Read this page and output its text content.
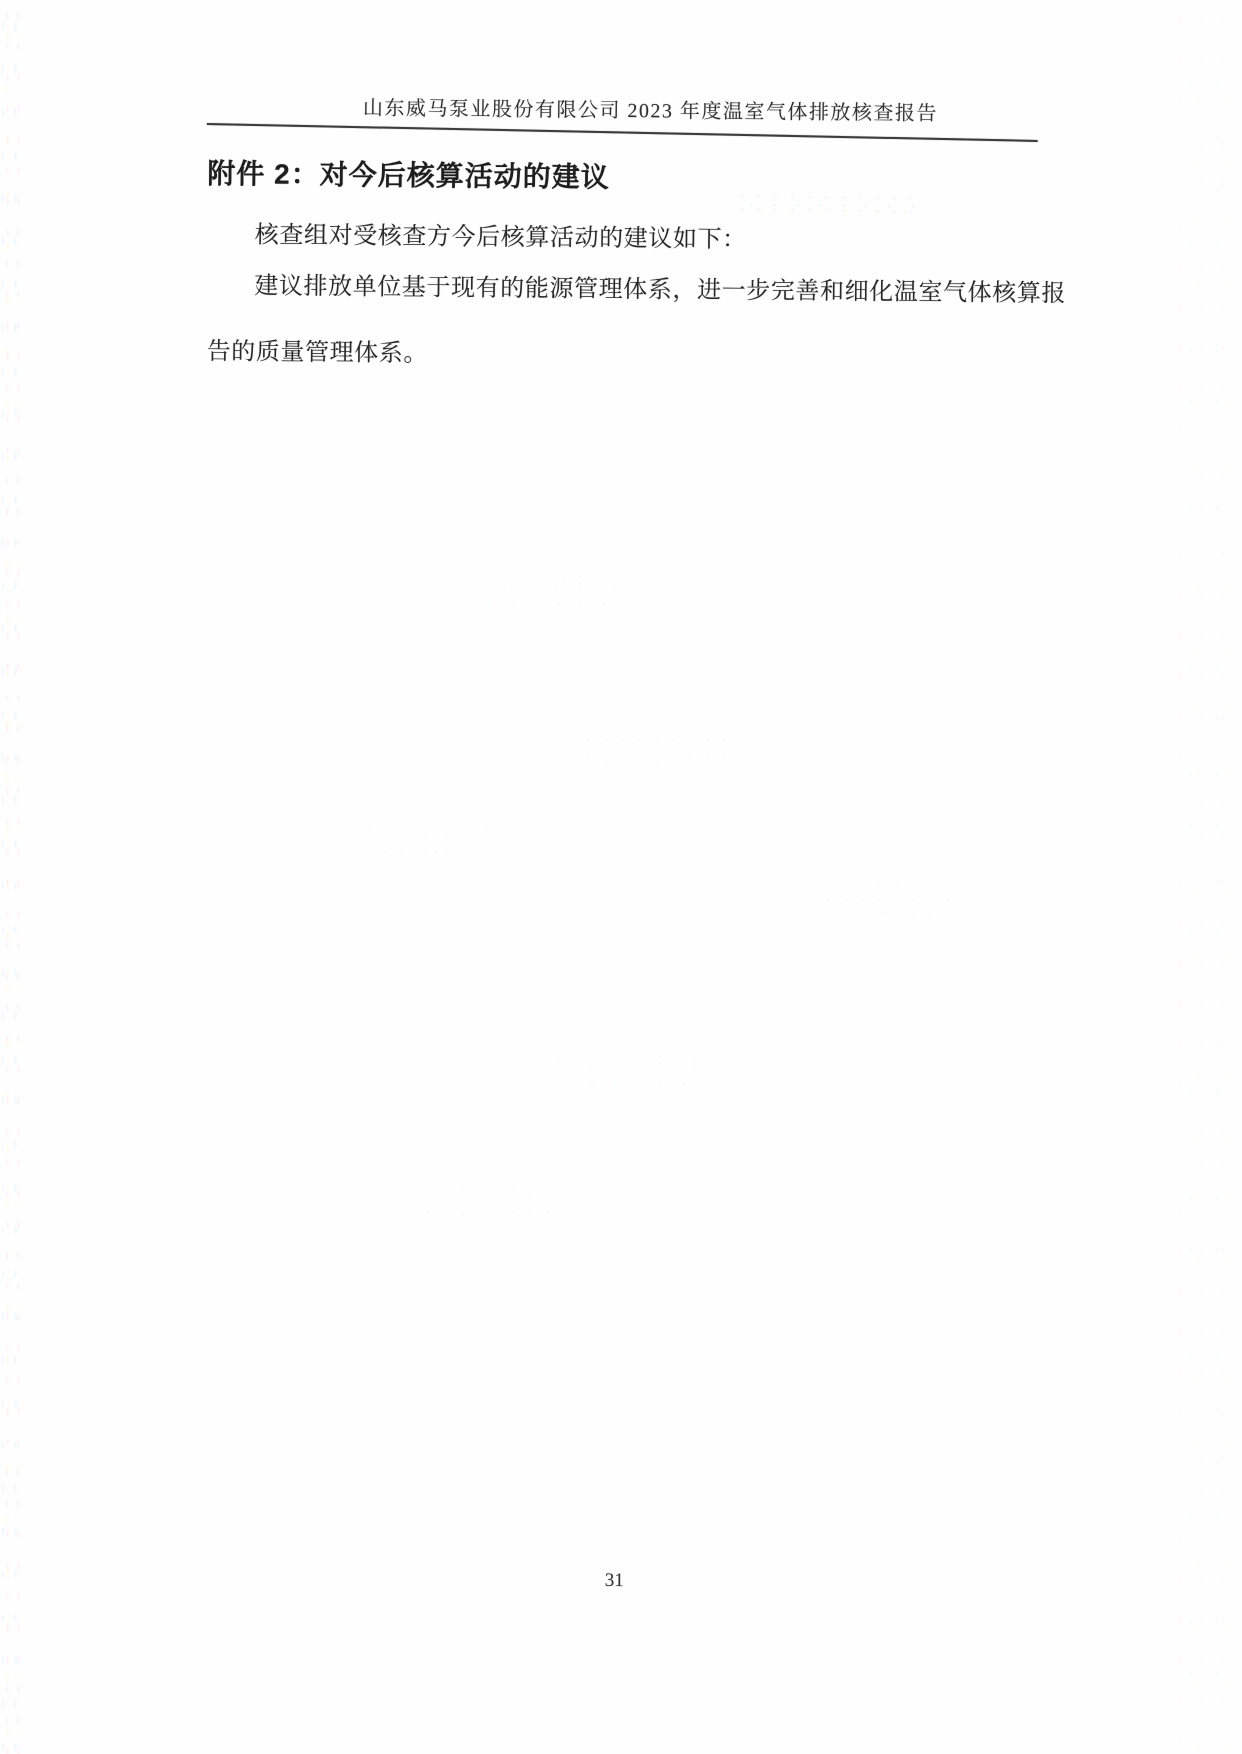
山东威马泵业股份有限公司 2023 年度温室气体排放核查报告
附件 2：对今后核算活动的建议

核查组对受核查方今后核算活动的建议如下：

建议排放单位基于现有的能源管理体系，进一步完善和细化温室气体核算报

告的质量管理体系。

31
